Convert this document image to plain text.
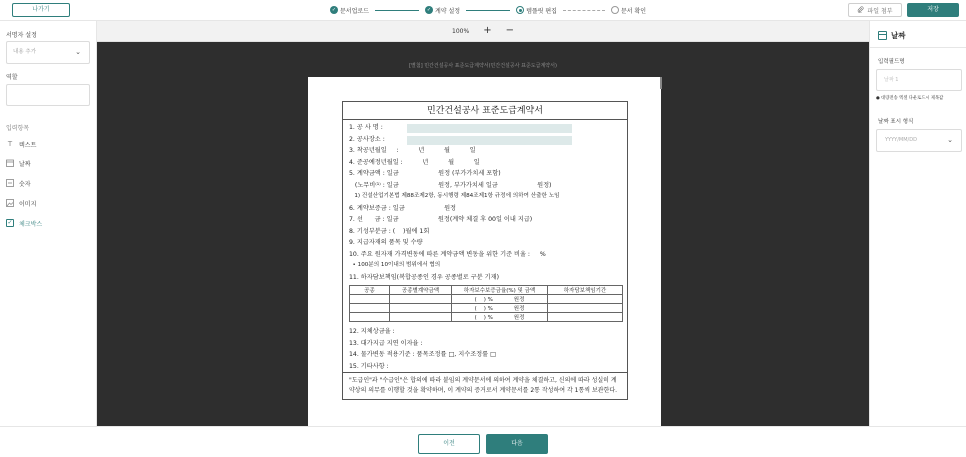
나가기	✓ 문서업로드	✓ 계약 설정	템플릿 편집	문서 확인	파일 첨부	저장
서명자 설정
내용 추가	⌄
역할
입력항목
T	텍스트
날짜
숫자
이미지
✓ 체크박스
100% + −
[별첨] 민간건설공사 표준도급계약서(민간건설공사 표준도급계약서)
민간건설공사 표준도급계약서
1. 공 사 명 :
2. 공사장소 :
3. 착공년월일     :          년          월          일
4. 준공예정년월일 :          년          월          일
5. 계약금액 : 일금                    원정 (부가가치세 포함)
(노무비⁽¹⁾ : 일금                    원정, 부가가치세 일금                    원정)
1) 건설산업기본법 제88조제2항, 동시행령 제84조제1항 규정에 의하여 산출한 노임
6. 계약보증금 : 일금                    원정
7. 선      금 : 일금                    원정(계약 체결 후 00일 이내 지급)
8. 기성부분금 : (    )월에 1회
9. 지급자재의 품목 및 수량
10. 주요 원자재 가격변동에 따른 계약금액 변동을 위한 기준 비율 :     %
• 100분의 10이내의 범위에서 협의
11. 하자담보책임(복합공종인 경우 공종별로 구분 기재)
공종	공종별계약금액	하자보수보증금율(%) 및 금액	하자담보책임기간
		(    ) %            원정	
		(    ) %            원정	
		(    ) %            원정	
12. 지체상금율 :
13. 대가지급 지연 이자율 :
14. 물가변동 적용기준 : 품목조정률 □, 지수조정률 □
15. 기타사항 :
"도급인"과 "수급인"은 합의에 따라 붙임의 계약문서에 의하여 계약을 체결하고, 신의에 따라 성실히 계약상의 의무를 이행할 것을 확약하며, 이 계약의 증거로서 계약문서를 2통 작성하여 각 1통씩 보관한다.
날짜
입력필드명
날짜 1
● 대량전송 엑셀 다운로드시 제목값
날짜 표시 형식
YYYY/MM/DD	⌄
이전	다음
